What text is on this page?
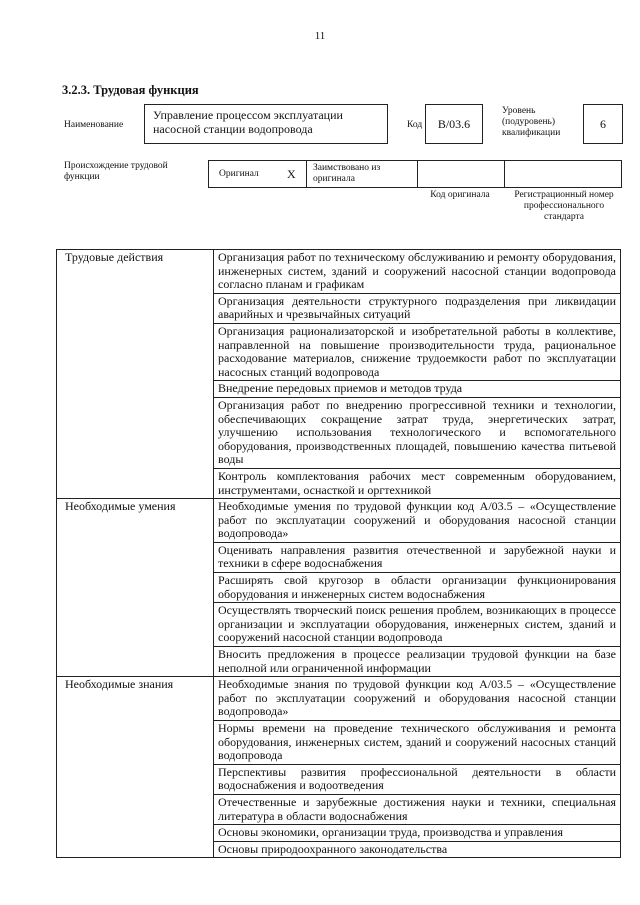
11
3.2.3. Трудовая функция
Наименование
Управление процессом эксплуатации насосной станции водопровода	Код	B/03.6
Уровень (подуровень) квалификации
6
Происхождение трудовой функции	Оригинал X Заимствовано из оригинала
Код оригинала	Регистрационный номер профессионального стандарта
Трудовые действия	Организация работ по техническому обслуживанию и ремонту оборудования, инженерных систем, зданий и сооружений насосной станции водопровода согласно планам и графикам
	Организация деятельности структурного подразделения при ликвидации аварийных и чрезвычайных ситуаций
	Организация рационализаторской и изобретательной работы в коллективе, направленной на повышение производительности труда, рациональное расходование материалов, снижение трудоемкости работ по эксплуатации насосных станций водопровода
	Внедрение передовых приемов и методов труда
	Организация работ по внедрению прогрессивной техники и технологии, обеспечивающих сокращение затрат труда, энергетических затрат, улучшению использования технологического и вспомогательного оборудования, производственных площадей, повышению качества питьевой воды
	Контроль комплектования рабочих мест современным оборудованием, инструментами, оснасткой и оргтехникой
Необходимые умения	Необходимые умения по трудовой функции код А/03.5 – «Осуществление работ по эксплуатации сооружений и оборудования насосной станции водопровода»
	Оценивать направления развития отечественной и зарубежной науки и техники в сфере водоснабжения
	Расширять свой кругозор в области организации функционирования оборудования и инженерных систем водоснабжения
	Осуществлять творческий поиск решения проблем, возникающих в процессе организации и эксплуатации оборудования, инженерных систем, зданий и сооружений насосной станции водопровода
	Вносить предложения в процессе реализации трудовой функции на базе неполной или ограниченной информации
Необходимые знания	Необходимые знания по трудовой функции код А/03.5 – «Осуществление работ по эксплуатации сооружений и оборудования насосной станции водопровода»
	Нормы времени на проведение технического обслуживания и ремонта оборудования, инженерных систем, зданий и сооружений насосных станций водопровода
	Перспективы развития профессиональной деятельности в области водоснабжения и водоотведения
	Отечественные и зарубежные достижения науки и техники, специальная литература в области водоснабжения
	Основы экономики, организации труда, производства и управления
	Основы природоохранного законодательства
